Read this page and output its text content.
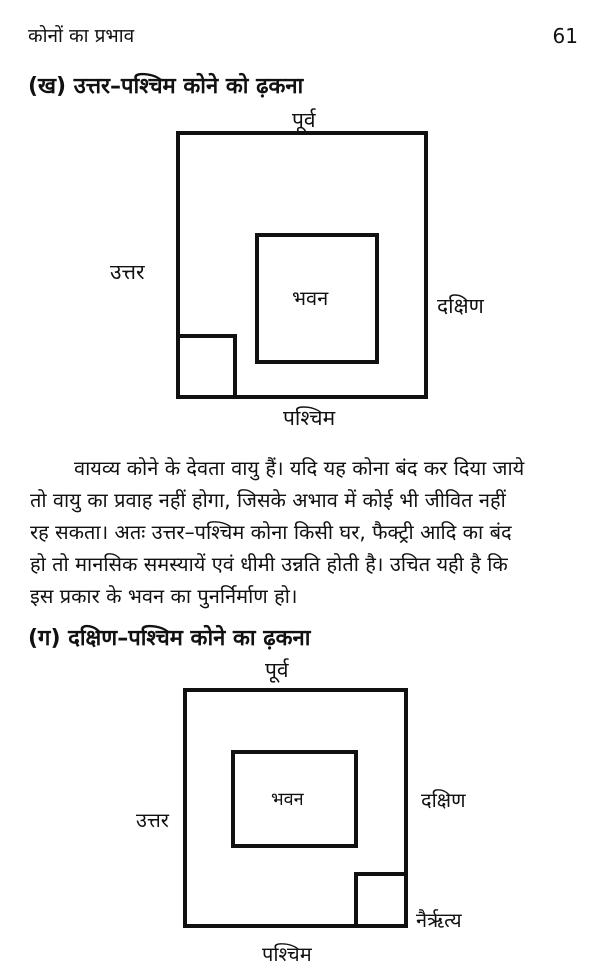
कोनों का प्रभाव	61
(ख) उत्तर–पश्चिम कोने को ढ़कना
पूर्व
भवन
उत्तर
दक्षिण
पश्चिम
वायव्य कोने के देवता वायु हैं। यदि यह कोना बंद कर दिया जाये
तो वायु का प्रवाह नहीं होगा, जिसके अभाव में कोई भी जीवित नहीं
रह सकता। अतः उत्तर–पश्चिम कोना किसी घर, फैक्ट्री आदि का बंद
हो तो मानसिक समस्यायें एवं धीमी उन्नति होती है। उचित यही है कि
इस प्रकार के भवन का पुनर्निर्माण हो।
(ग) दक्षिण–पश्चिम कोने का ढ़कना
पूर्व
भवन
उत्तर
दक्षिण
नैर्ऋत्य
पश्चिम
